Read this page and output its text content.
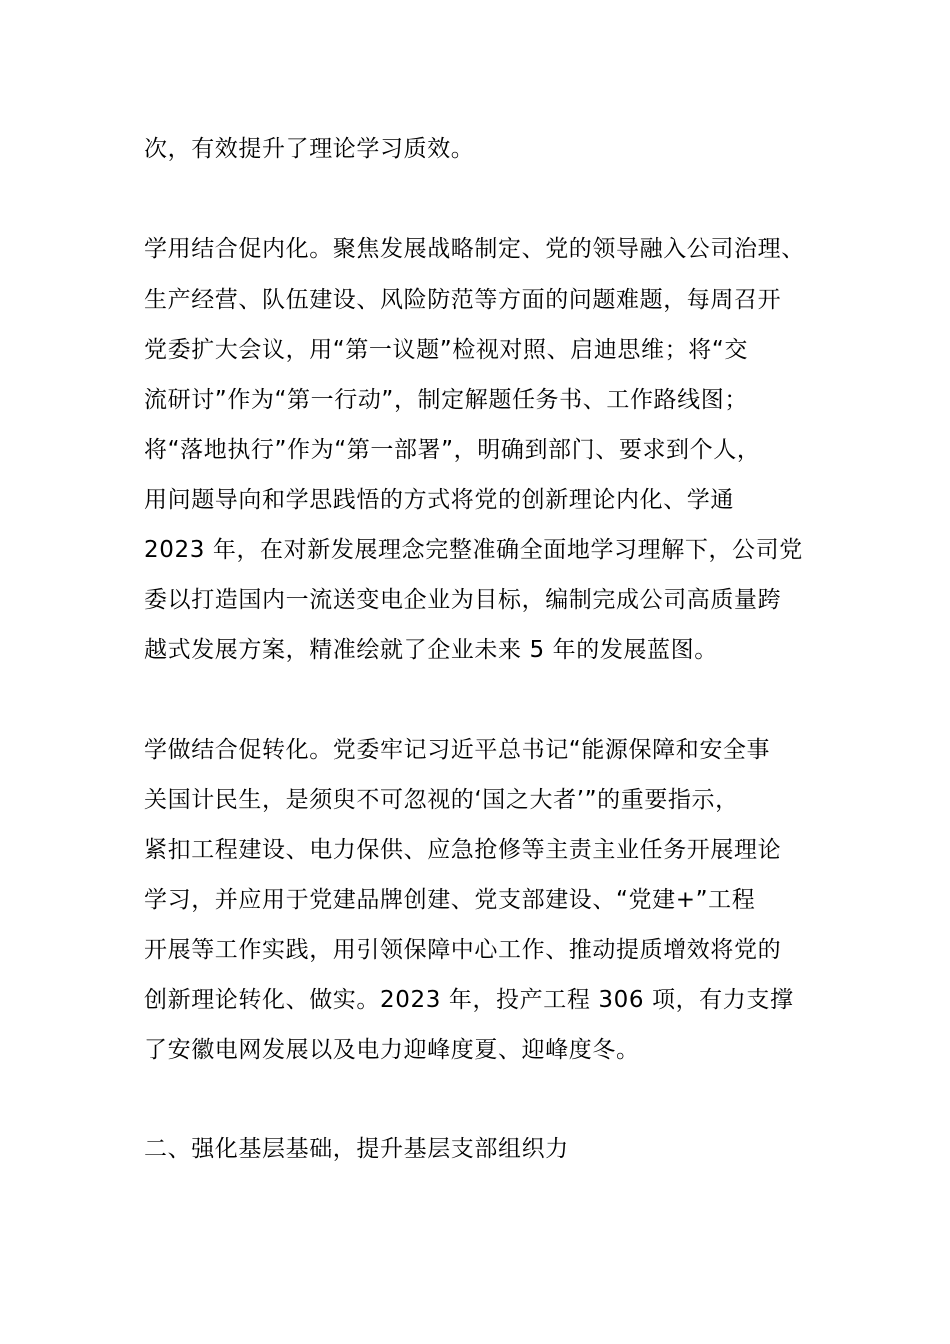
次，有效提升了理论学习质效。

学用结合促内化。聚焦发展战略制定、党的领导融入公司治理、

生产经营、队伍建设、风险防范等方面的问题难题，每周召开

党委扩大会议，用“第一议题”检视对照、启迪思维；将“交

流研讨”作为“第一行动”，制定解题任务书、工作路线图；

将“落地执行”作为“第一部署”，明确到部门、要求到个人，

用问题导向和学思践悟的方式将党的创新理论内化、学通

2023 年，在对新发展理念完整准确全面地学习理解下，公司党

委以打造国内一流送变电企业为目标，编制完成公司高质量跨

越式发展方案，精准绘就了企业未来 5 年的发展蓝图。

学做结合促转化。党委牢记习近平总书记“能源保障和安全事

关国计民生，是须臾不可忽视的‘国之大者’”的重要指示，

紧扣工程建设、电力保供、应急抢修等主责主业任务开展理论

学习，并应用于党建品牌创建、党支部建设、“党建+”工程

开展等工作实践，用引领保障中心工作、推动提质增效将党的

创新理论转化、做实。2023 年，投产工程 306 项，有力支撑

了安徽电网发展以及电力迎峰度夏、迎峰度冬。

二、强化基层基础，提升基层支部组织力
